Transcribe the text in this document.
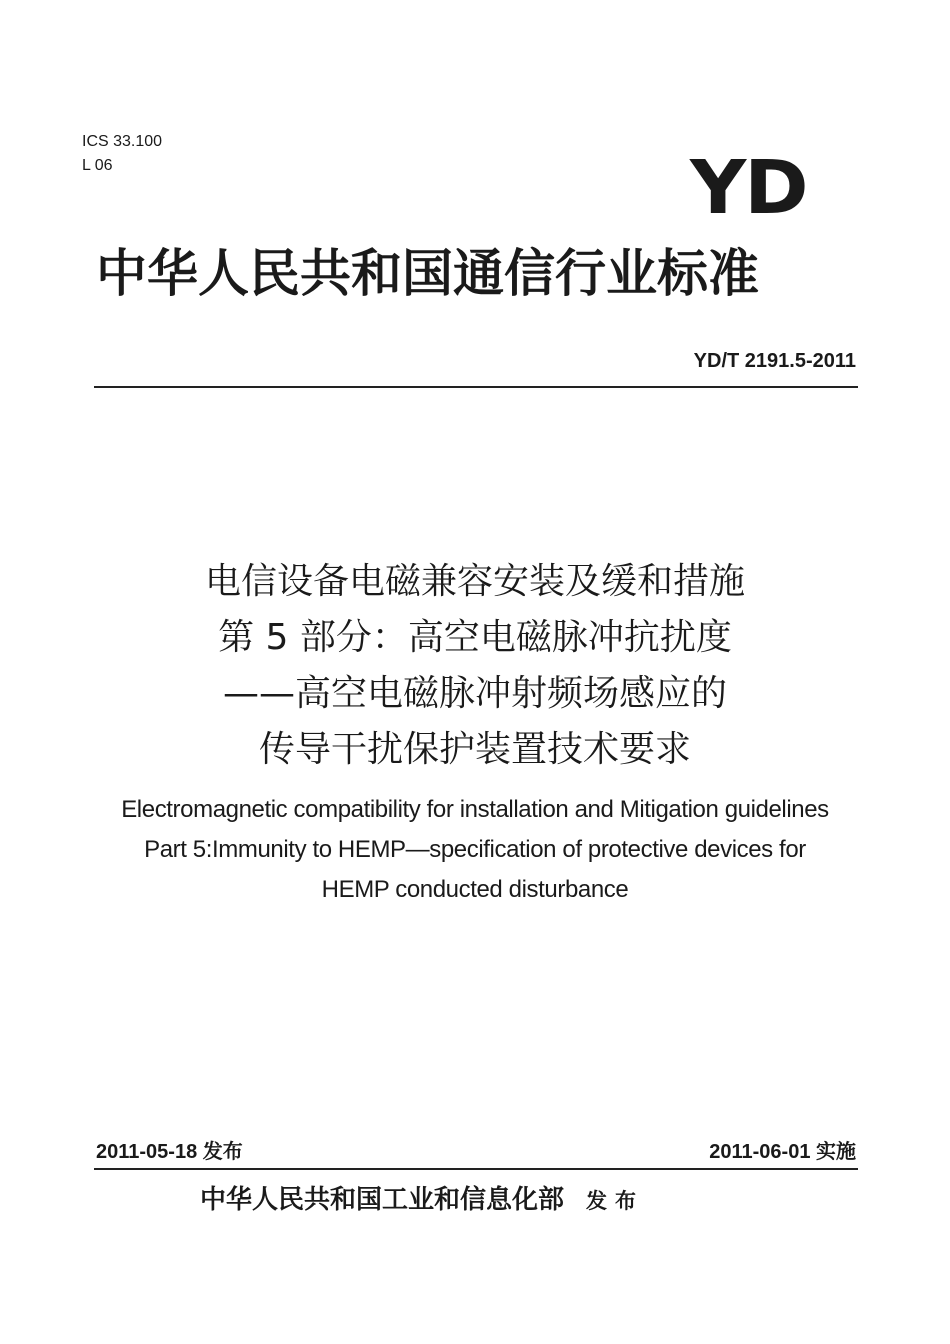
ICS 33.100
L 06	YD
中华人民共和国通信行业标准
YD/T 2191.5-2011
电信设备电磁兼容安装及缓和措施
第 5 部分：高空电磁脉冲抗扰度
——高空电磁脉冲射频场感应的
传导干扰保护装置技术要求
Electromagnetic compatibility for installation and Mitigation guidelines
Part 5:Immunity to HEMP—specification of protective devices for
HEMP conducted disturbance
2011-05-18 发布	2011-06-01 实施
中华人民共和国工业和信息化部 发布
